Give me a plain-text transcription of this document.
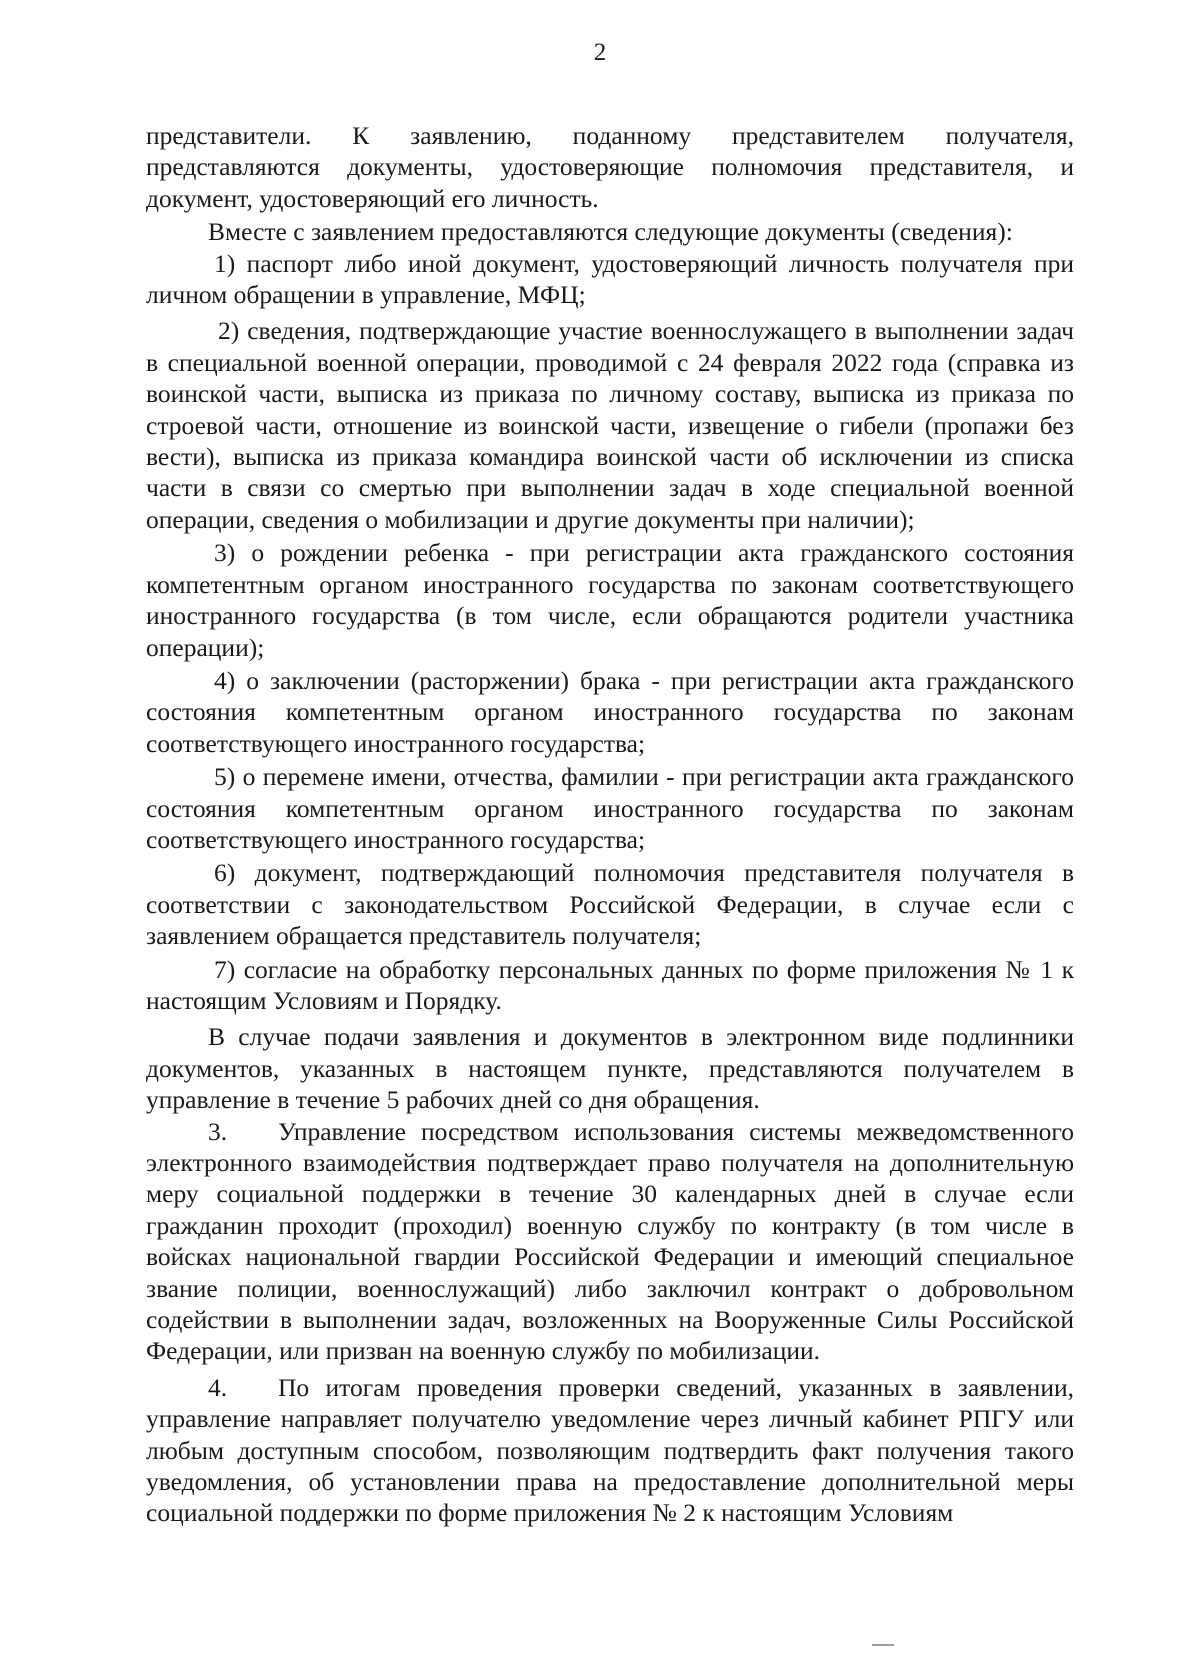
2

представители. К заявлению, поданному представителем получателя, представляются документы, удостоверяющие полномочия представителя, и документ, удостоверяющий его личность.

Вместе с заявлением предоставляются следующие документы (сведения):

1) паспорт либо иной документ, удостоверяющий личность получателя при личном обращении в управление, МФЦ;

2) сведения, подтверждающие участие военнослужащего в выполнении задач в специальной военной операции, проводимой с 24 февраля 2022 года (справка из воинской части, выписка из приказа по личному составу, выписка из приказа по строевой части, отношение из воинской части, извещение о гибели (пропажи без вести), выписка из приказа командира воинской части об исключении из списка части в связи со смертью при выполнении задач в ходе специальной военной операции, сведения о мобилизации и другие документы при наличии);

3) о рождении ребенка - при регистрации акта гражданского состояния компетентным органом иностранного государства по законам соответствующего иностранного государства (в том числе, если обращаются родители участника операции);

4) о заключении (расторжении) брака - при регистрации акта гражданского состояния компетентным органом иностранного государства по законам соответствующего иностранного государства;

5) о перемене имени, отчества, фамилии - при регистрации акта гражданского состояния компетентным органом иностранного государства по законам соответствующего иностранного государства;

6) документ, подтверждающий полномочия представителя получателя в соответствии с законодательством Российской Федерации, в случае если с заявлением обращается представитель получателя;

7) согласие на обработку персональных данных по форме приложения № 1 к настоящим Условиям и Порядку.

В случае подачи заявления и документов в электронном виде подлинники документов, указанных в настоящем пункте, представляются получателем в управление в течение 5 рабочих дней со дня обращения.

3. Управление посредством использования системы межведомственного электронного взаимодействия подтверждает право получателя на дополнительную меру социальной поддержки в течение 30 календарных дней в случае если гражданин проходит (проходил) военную службу по контракту (в том числе в войсках национальной гвардии Российской Федерации и имеющий специальное звание полиции, военнослужащий) либо заключил контракт о добровольном содействии в выполнении задач, возложенных на Вооруженные Силы Российской Федерации, или призван на военную службу по мобилизации.

4. По итогам проведения проверки сведений, указанных в заявлении, управление направляет получателю уведомление через личный кабинет РПГУ или любым доступным способом, позволяющим подтвердить факт получения такого уведомления, об установлении права на предоставление дополнительной меры социальной поддержки по форме приложения № 2 к настоящим Условиям
